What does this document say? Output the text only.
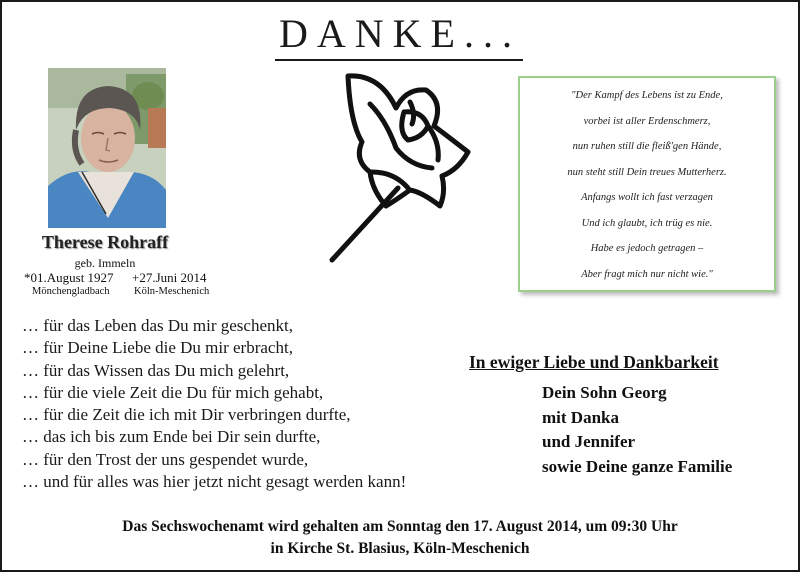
DANKE...
Therese Rohraff
geb. Immeln
*01.August 1927 +27.Juni 2014
Mönchengladbach Köln-Meschenich
"Der Kampf des Lebens ist zu Ende,
vorbei ist aller Erdenschmerz,
nun ruhen still die fleiß'gen Hände,
nun steht still Dein treues Mutterherz.
Anfangs wollt ich fast verzagen
Und ich glaubt, ich trüg es nie.
Habe es jedoch getragen –
Aber fragt mich nur nicht wie."
… für das Leben das Du mir geschenkt,
… für Deine Liebe die Du mir erbracht,
… für das Wissen das Du mich gelehrt,
… für die viele Zeit die Du für mich gehabt,
… für die Zeit die ich mit Dir verbringen durfte,
… das ich bis zum Ende bei Dir sein durfte,
… für den Trost der uns gespendet wurde,
… und für alles was hier jetzt nicht gesagt werden kann!
In ewiger Liebe und Dankbarkeit
Dein Sohn Georg
mit Danka
und Jennifer
sowie Deine ganze Familie
Das Sechswochenamt wird gehalten am Sonntag den 17. August 2014, um 09:30 Uhr
in Kirche St. Blasius, Köln-Meschenich
